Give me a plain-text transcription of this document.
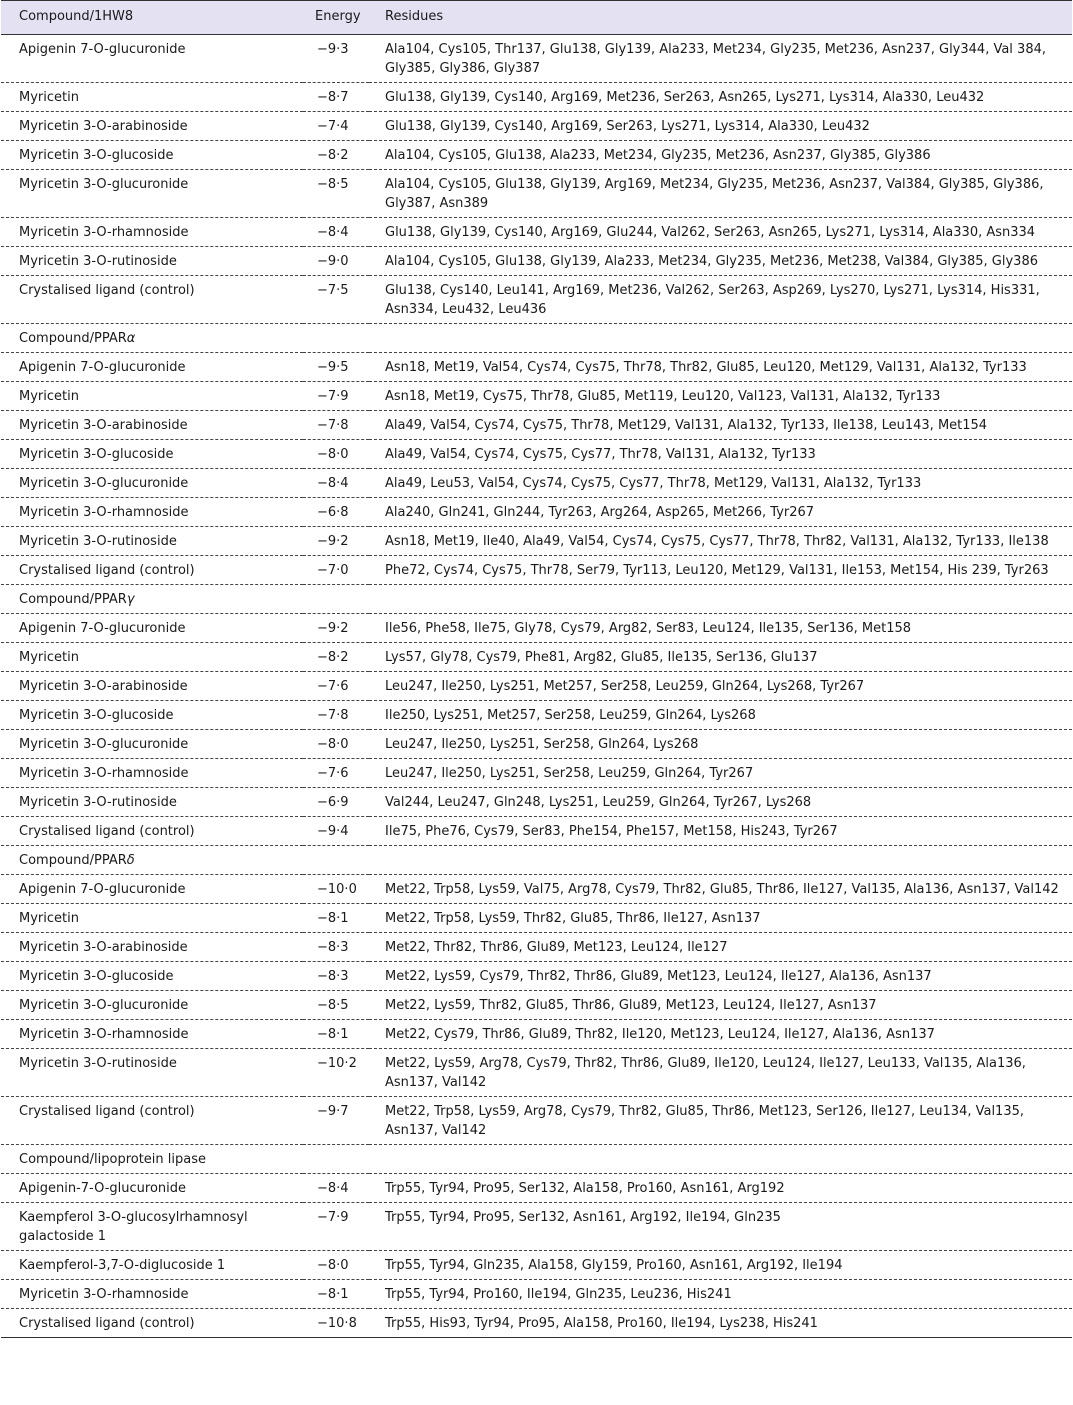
Compound/1HW8	Energy	Residues
Apigenin 7-O-glucuronide	−9·3	Ala104, Cys105, Thr137, Glu138, Gly139, Ala233, Met234, Gly235, Met236, Asn237, Gly344, Val 384, Gly385, Gly386, Gly387
Myricetin	−8·7	Glu138, Gly139, Cys140, Arg169, Met236, Ser263, Asn265, Lys271, Lys314, Ala330, Leu432
Myricetin 3-O-arabinoside	−7·4	Glu138, Gly139, Cys140, Arg169, Ser263, Lys271, Lys314, Ala330, Leu432
Myricetin 3-O-glucoside	−8·2	Ala104, Cys105, Glu138, Ala233, Met234, Gly235, Met236, Asn237, Gly385, Gly386
Myricetin 3-O-glucuronide	−8·5	Ala104, Cys105, Glu138, Gly139, Arg169, Met234, Gly235, Met236, Asn237, Val384, Gly385, Gly386, Gly387, Asn389
Myricetin 3-O-rhamnoside	−8·4	Glu138, Gly139, Cys140, Arg169, Glu244, Val262, Ser263, Asn265, Lys271, Lys314, Ala330, Asn334
Myricetin 3-O-rutinoside	−9·0	Ala104, Cys105, Glu138, Gly139, Ala233, Met234, Gly235, Met236, Met238, Val384, Gly385, Gly386
Crystalised ligand (control)	−7·5	Glu138, Cys140, Leu141, Arg169, Met236, Val262, Ser263, Asp269, Lys270, Lys271, Lys314, His331, Asn334, Leu432, Leu436
Compound/PPARα		
Apigenin 7-O-glucuronide	−9·5	Asn18, Met19, Val54, Cys74, Cys75, Thr78, Thr82, Glu85, Leu120, Met129, Val131, Ala132, Tyr133
Myricetin	−7·9	Asn18, Met19, Cys75, Thr78, Glu85, Met119, Leu120, Val123, Val131, Ala132, Tyr133
Myricetin 3-O-arabinoside	−7·8	Ala49, Val54, Cys74, Cys75, Thr78, Met129, Val131, Ala132, Tyr133, Ile138, Leu143, Met154
Myricetin 3-O-glucoside	−8·0	Ala49, Val54, Cys74, Cys75, Cys77, Thr78, Val131, Ala132, Tyr133
Myricetin 3-O-glucuronide	−8·4	Ala49, Leu53, Val54, Cys74, Cys75, Cys77, Thr78, Met129, Val131, Ala132, Tyr133
Myricetin 3-O-rhamnoside	−6·8	Ala240, Gln241, Gln244, Tyr263, Arg264, Asp265, Met266, Tyr267
Myricetin 3-O-rutinoside	−9·2	Asn18, Met19, Ile40, Ala49, Val54, Cys74, Cys75, Cys77, Thr78, Thr82, Val131, Ala132, Tyr133, Ile138
Crystalised ligand (control)	−7·0	Phe72, Cys74, Cys75, Thr78, Ser79, Tyr113, Leu120, Met129, Val131, Ile153, Met154, His 239, Tyr263
Compound/PPARγ		
Apigenin 7-O-glucuronide	−9·2	Ile56, Phe58, Ile75, Gly78, Cys79, Arg82, Ser83, Leu124, Ile135, Ser136, Met158
Myricetin	−8·2	Lys57, Gly78, Cys79, Phe81, Arg82, Glu85, Ile135, Ser136, Glu137
Myricetin 3-O-arabinoside	−7·6	Leu247, Ile250, Lys251, Met257, Ser258, Leu259, Gln264, Lys268, Tyr267
Myricetin 3-O-glucoside	−7·8	Ile250, Lys251, Met257, Ser258, Leu259, Gln264, Lys268
Myricetin 3-O-glucuronide	−8·0	Leu247, Ile250, Lys251, Ser258, Gln264, Lys268
Myricetin 3-O-rhamnoside	−7·6	Leu247, Ile250, Lys251, Ser258, Leu259, Gln264, Tyr267
Myricetin 3-O-rutinoside	−6·9	Val244, Leu247, Gln248, Lys251, Leu259, Gln264, Tyr267, Lys268
Crystalised ligand (control)	−9·4	Ile75, Phe76, Cys79, Ser83, Phe154, Phe157, Met158, His243, Tyr267
Compound/PPARδ		
Apigenin 7-O-glucuronide	−10·0	Met22, Trp58, Lys59, Val75, Arg78, Cys79, Thr82, Glu85, Thr86, Ile127, Val135, Ala136, Asn137, Val142
Myricetin	−8·1	Met22, Trp58, Lys59, Thr82, Glu85, Thr86, Ile127, Asn137
Myricetin 3-O-arabinoside	−8·3	Met22, Thr82, Thr86, Glu89, Met123, Leu124, Ile127
Myricetin 3-O-glucoside	−8·3	Met22, Lys59, Cys79, Thr82, Thr86, Glu89, Met123, Leu124, Ile127, Ala136, Asn137
Myricetin 3-O-glucuronide	−8·5	Met22, Lys59, Thr82, Glu85, Thr86, Glu89, Met123, Leu124, Ile127, Asn137
Myricetin 3-O-rhamnoside	−8·1	Met22, Cys79, Thr86, Glu89, Thr82, Ile120, Met123, Leu124, Ile127, Ala136, Asn137
Myricetin 3-O-rutinoside	−10·2	Met22, Lys59, Arg78, Cys79, Thr82, Thr86, Glu89, Ile120, Leu124, Ile127, Leu133, Val135, Ala136, Asn137, Val142
Crystalised ligand (control)	−9·7	Met22, Trp58, Lys59, Arg78, Cys79, Thr82, Glu85, Thr86, Met123, Ser126, Ile127, Leu134, Val135, Asn137, Val142
Compound/lipoprotein lipase		
Apigenin-7-O-glucuronide	−8·4	Trp55, Tyr94, Pro95, Ser132, Ala158, Pro160, Asn161, Arg192
Kaempferol 3-O-glucosylrhamnosyl galactoside 1	−7·9	Trp55, Tyr94, Pro95, Ser132, Asn161, Arg192, Ile194, Gln235
Kaempferol-3,7-O-diglucoside 1	−8·0	Trp55, Tyr94, Gln235, Ala158, Gly159, Pro160, Asn161, Arg192, Ile194
Myricetin 3-O-rhamnoside	−8·1	Trp55, Tyr94, Pro160, Ile194, Gln235, Leu236, His241
Crystalised ligand (control)	−10·8	Trp55, His93, Tyr94, Pro95, Ala158, Pro160, Ile194, Lys238, His241
